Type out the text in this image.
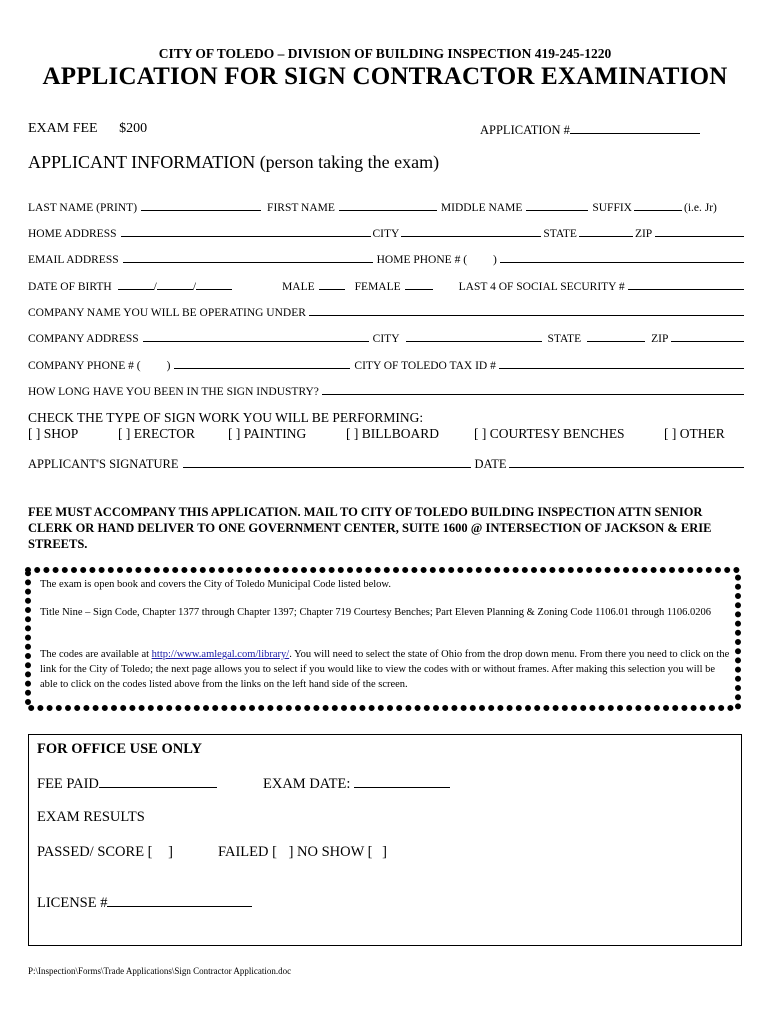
CITY OF TOLEDO – DIVISION OF BUILDING INSPECTION 419-245-1220
APPLICATION FOR SIGN CONTRACTOR EXAMINATION
EXAM FEE $200	APPLICATION #
APPLICANT INFORMATION (person taking the exam)
LAST NAME (PRINT)	FIRST NAME	MIDDLE NAME	SUFFIX	(i.e. Jr)
HOME ADDRESS	CITY	STATE	ZIP
EMAIL ADDRESS	HOME PHONE # ( )
DATE OF BIRTH	/	/	MALE	FEMALE	LAST 4 OF SOCIAL SECURITY #
COMPANY NAME YOU WILL BE OPERATING UNDER
COMPANY ADDRESS	CITY	STATE	ZIP
COMPANY PHONE # ( )	CITY OF TOLEDO TAX ID #
HOW LONG HAVE YOU BEEN IN THE SIGN INDUSTRY?
CHECK THE TYPE OF SIGN WORK YOU WILL BE PERFORMING:
[ ] SHOP	[ ] ERECTOR [ ] PAINTING	[ ] BILLBOARD	[ ] COURTESY BENCHES	[ ] OTHER
APPLICANT'S SIGNATURE	DATE
FEE MUST ACCOMPANY THIS APPLICATION. MAIL TO CITY OF TOLEDO BUILDING INSPECTION ATTN SENIOR CLERK OR HAND DELIVER TO ONE GOVERNMENT CENTER, SUITE 1600 @ INTERSECTION OF JACKSON & ERIE STREETS.
The exam is open book and covers the City of Toledo Municipal Code listed below.
Title Nine – Sign Code, Chapter 1377 through Chapter 1397; Chapter 719 Courtesy Benches; Part Eleven Planning & Zoning Code 1106.01 through 1106.0206
The codes are available at http://www.amlegal.com/library/. You will need to select the state of Ohio from the drop down menu. From there you need to click on the link for the City of Toledo; the next page allows you to select if you would like to view the codes with or without frames. After making this selection you will be able to click on the codes listed above from the links on the left hand side of the screen.
FOR OFFICE USE ONLY
FEE PAID	EXAM DATE:
EXAM RESULTS
PASSED/ SCORE [ ]	FAILED [ ] NO SHOW [ ]
LICENSE #
P:\Inspection\Forms\Trade Applications\Sign Contractor Application.doc
